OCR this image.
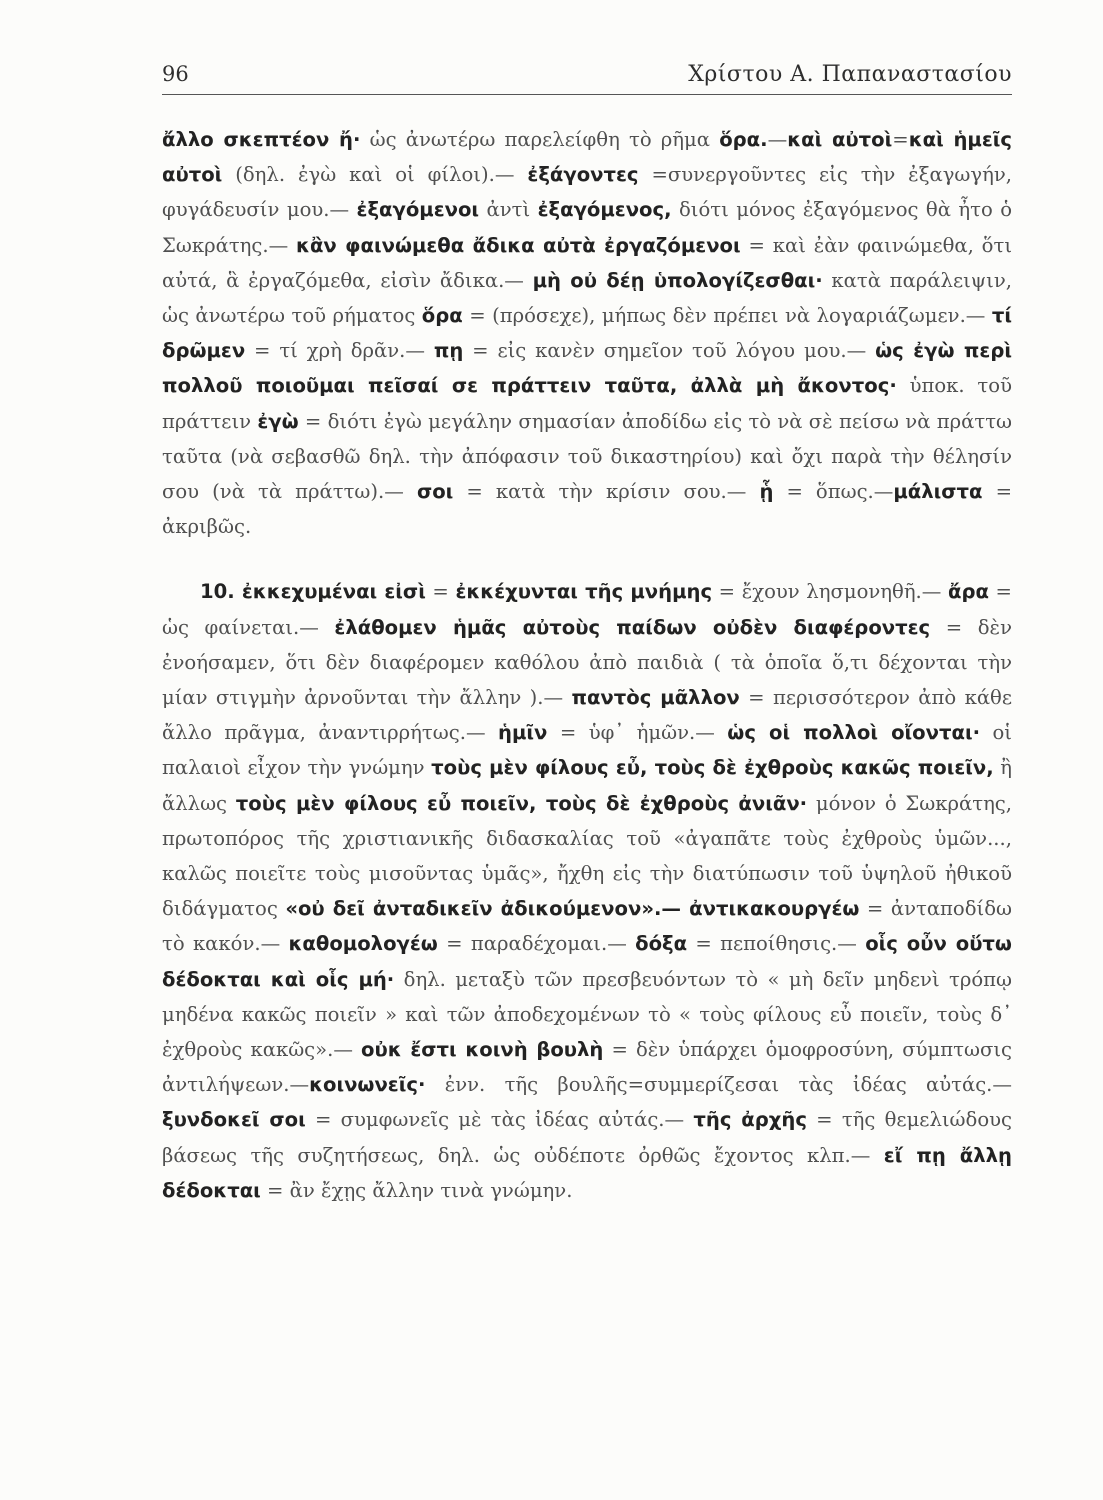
96	Χρίστου Α. Παπαναστασίου

ἄλλο σκεπτέον ἤ· ὡς ἀνωτέρω παρελείφθη τὸ ρῆμα ὅρα.—καὶ αὐτοὶ=καὶ ἡμεῖς αὐτοὶ (δηλ. ἐγὼ καὶ οἱ φίλοι).— ἐξάγοντες =συνεργοῦντες εἰς τὴν ἐξαγωγήν, φυγάδευσίν μου.— ἐξαγόμενοι ἀντὶ ἐξαγόμενος, διότι μόνος ἐξαγόμενος θὰ ἦτο ὁ Σωκράτης.— κἂν φαινώμεθα ἄδικα αὐτὰ ἐργαζόμενοι = καὶ ἐὰν φαινώμεθα, ὅτι αὐτά, ἃ ἐργαζόμεθα, εἰσὶν ἄδικα.— μὴ οὐ δέῃ ὑπολογίζεσθαι· κατὰ παράλειψιν, ὡς ἀνωτέρω τοῦ ρήματος ὅρα = (πρόσεχε), μήπως δὲν πρέπει νὰ λογαριάζωμεν.— τί δρῶμεν = τί χρὴ δρᾶν.— πῃ = εἰς κανὲν σημεῖον τοῦ λόγου μου.— ὡς ἐγὼ περὶ πολλοῦ ποιοῦμαι πεῖσαί σε πράττειν ταῦτα, ἀλλὰ μὴ ἄκοντος· ὑποκ. τοῦ πράττειν ἐγὼ = διότι ἐγὼ μεγάλην σημασίαν ἀποδίδω εἰς τὸ νὰ σὲ πείσω νὰ πράττω ταῦτα (νὰ σεβασθῶ δηλ. τὴν ἀπόφασιν τοῦ δικαστηρίου) καὶ ὄχι παρὰ τὴν θέλησίν σου (νὰ τὰ πράττω).— σοι = κατὰ τὴν κρίσιν σου.— ᾗ = ὅπως.—μάλιστα = ἀκριβῶς.

10. ἐκκεχυμέναι εἰσὶ = ἐκκέχυνται τῆς μνήμης = ἔχουν λησμονηθῆ.— ἄρα = ὡς φαίνεται.— ἐλάθομεν ἡμᾶς αὐτοὺς παίδων οὐδὲν διαφέροντες = δὲν ἐνοήσαμεν, ὅτι δὲν διαφέρομεν καθόλου ἀπὸ παιδιὰ ( τὰ ὁποῖα ὅ,τι δέχονται τὴν μίαν στιγμὴν ἀρνοῦνται τὴν ἄλλην ).— παντὸς μᾶλλον = περισσότερον ἀπὸ κάθε ἄλλο πρᾶγμα, ἀναντιρρήτως.— ἡμῖν = ὑφ᾽ ἡμῶν.— ὡς οἱ πολλοὶ οἴονται· οἱ παλαιοὶ εἶχον τὴν γνώμην τοὺς μὲν φίλους εὖ, τοὺς δὲ ἐχθροὺς κακῶς ποιεῖν, ἢ ἄλλως τοὺς μὲν φίλους εὖ ποιεῖν, τοὺς δὲ ἐχθροὺς ἀνιᾶν· μόνον ὁ Σωκράτης, πρωτοπόρος τῆς χριστιανικῆς διδασκαλίας τοῦ «ἀγαπᾶτε τοὺς ἐχθροὺς ὑμῶν..., καλῶς ποιεῖτε τοὺς μισοῦντας ὑμᾶς», ἤχθη εἰς τὴν διατύπωσιν τοῦ ὑψηλοῦ ἠθικοῦ διδάγματος «οὐ δεῖ ἀνταδικεῖν ἀδικούμενον».— ἀντικακουργέω = ἀνταποδίδω τὸ κακόν.— καθομολογέω = παραδέχομαι.— δόξα = πεποίθησις.— οἷς οὖν οὕτω δέδοκται καὶ οἷς μή· δηλ. μεταξὺ τῶν πρεσβευόντων τὸ « μὴ δεῖν μηδενὶ τρόπῳ μηδένα κακῶς ποιεῖν » καὶ τῶν ἀποδεχομένων τὸ « τοὺς φίλους εὖ ποιεῖν, τοὺς δ᾽ ἐχθροὺς κακῶς».— οὐκ ἔστι κοινὴ βουλὴ = δὲν ὑπάρχει ὁμοφροσύνη, σύμπτωσις ἀντιλήψεων.—κοινωνεῖς· ἐνν. τῆς βουλῆς=συμμερίζεσαι τὰς ἰδέας αὐτάς.—ξυνδοκεῖ σοι = συμφωνεῖς μὲ τὰς ἰδέας αὐτάς.— τῆς ἀρχῆς = τῆς θεμελιώδους βάσεως τῆς συζητήσεως, δηλ. ὡς οὐδέποτε ὀρθῶς ἔχοντος κλπ.— εἴ πῃ ἄλλῃ δέδοκται = ἂν ἔχῃς ἄλλην τινὰ γνώμην.
